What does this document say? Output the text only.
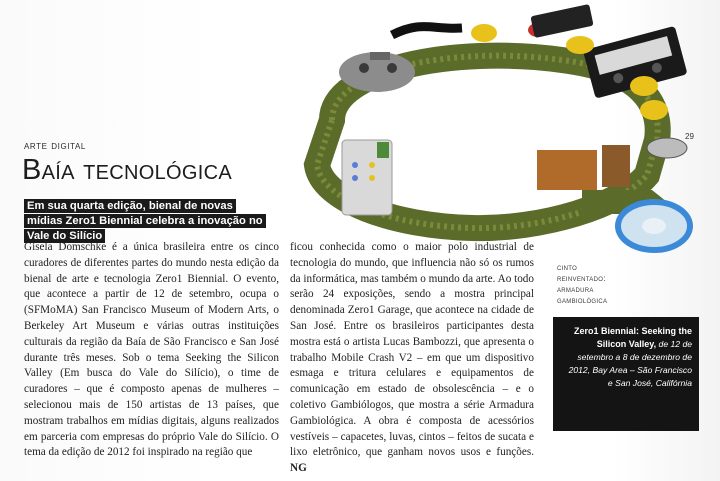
29
arte digital
Baía tecnológica
Em sua quarta edição, bienal de novas mídias Zero1 Biennial celebra a inovação no Vale do Silício
Gisela Domschke é a única brasileira entre os cinco curadores de diferentes partes do mundo nesta edição da bienal de arte e tecnologia Zero1 Biennial. O evento, que acontece a partir de 12 de setembro, ocupa o (SFMoMA) San Francisco Museum of Modern Arts, o Berkeley Art Museum e várias outras instituições culturais da região da Baía de São Francisco e San José durante três meses. Sob o tema Seeking the Silicon Valley (Em busca do Vale do Silício), o time de curadores – que é composto apenas de mulheres – selecionou mais de 150 artistas de 13 países, que mostram trabalhos em mídias digitais, alguns realizados em parceria com empresas do próprio Vale do Silício. O tema da edição de 2012 foi inspirado na região que
ficou conhecida como o maior polo industrial de tecnologia do mundo, que influencia não só os rumos da informática, mas também o mundo da arte. Ao todo serão 24 exposições, sendo a mostra principal denominada Zero1 Garage, que acontece na cidade de San José. Entre os brasileiros participantes desta mostra está o artista Lucas Bambozzi, que apresenta o trabalho Mobile Crash V2 – em que um dispositivo esmaga e tritura celulares e equipamentos de comunicação em estado de obsolescência – e o coletivo Gambiólogos, que mostra a série Armadura Gambiológica. A obra é composta de acessórios vestíveis – capacetes, luvas, cintos – feitos de sucata e lixo eletrônico, que ganham novos usos e funções. NG
cinto
reinventado:
armadura
gambiológica
Zero1 Biennial: Seeking the Silicon Valley, de 12 de setembro a 8 de dezembro de 2012, Bay Area – São Francisco e San José, Califórnia
